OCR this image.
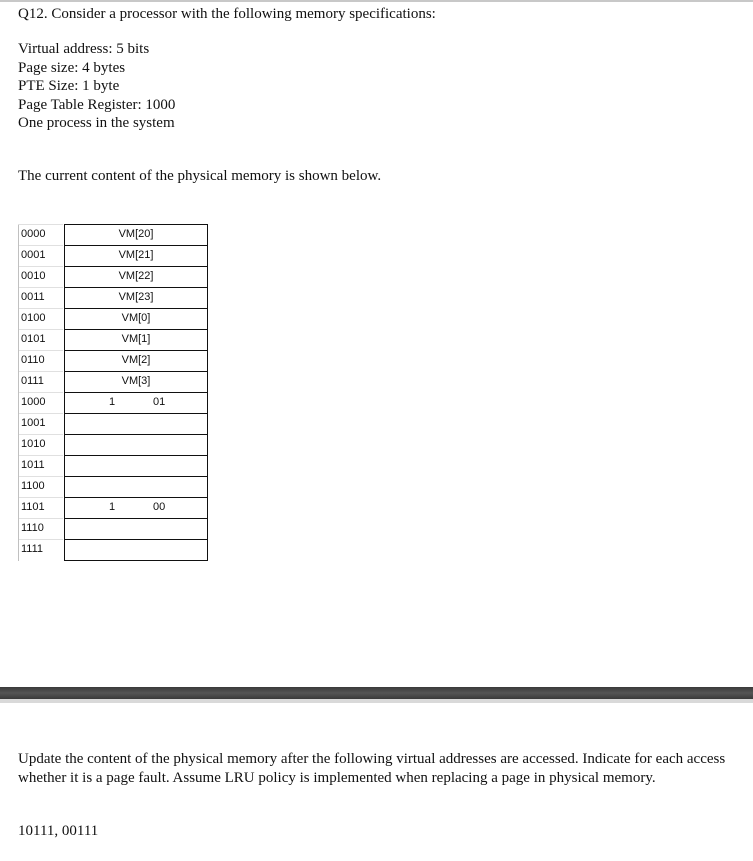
Q12. Consider a processor with the following memory specifications:
Virtual address: 5 bits
Page size: 4 bytes
PTE Size: 1 byte
Page Table Register: 1000
One process in the system
The current content of the physical memory is shown below.
0000		VM[20]

0001		VM[21]

0010		VM[22]

0011		VM[23]

0100		VM[0]

0101		VM[1]

0110		VM[2]

0111		VM[3]

1000		1 01

1001		

1010		

1011		

1100		

1101		1 00

1110		

1111		
Update the content of the physical memory after the following virtual addresses are accessed. Indicate for each access whether it is a page fault. Assume LRU policy is implemented when replacing a page in physical memory.
10111, 00111
